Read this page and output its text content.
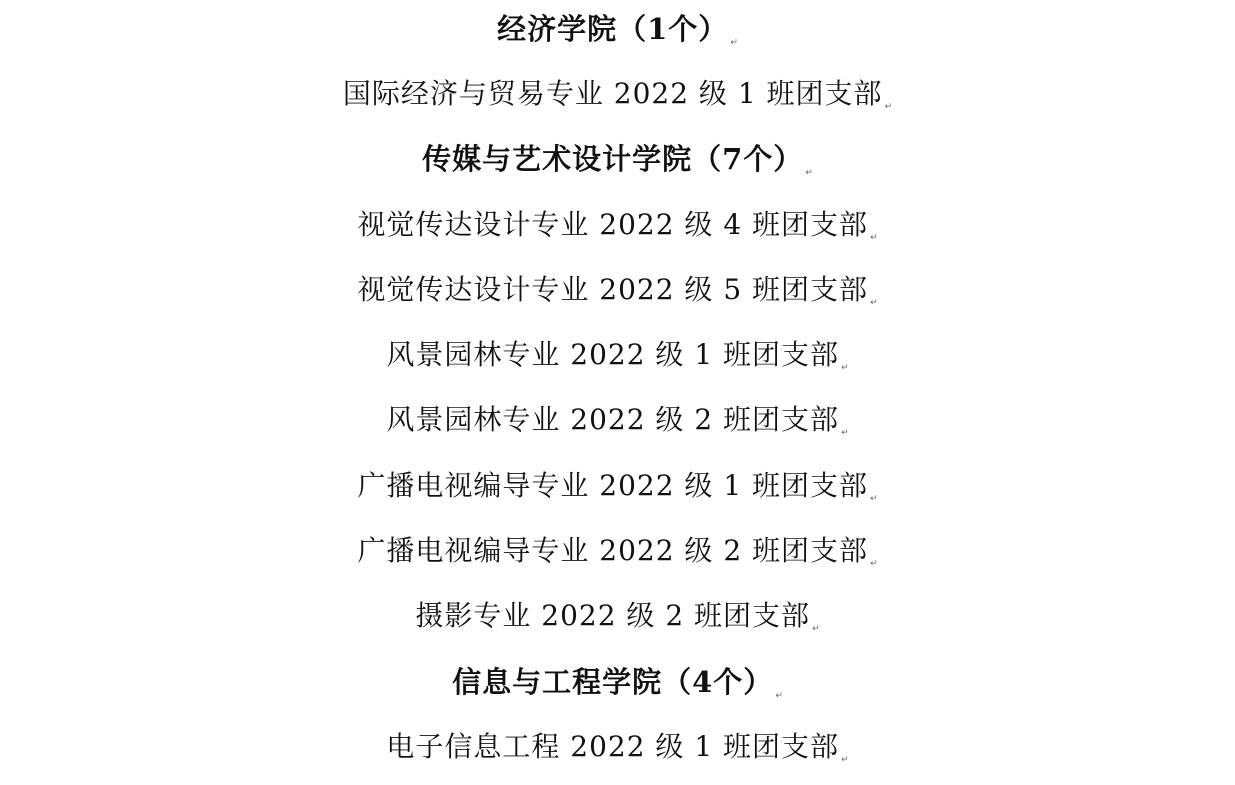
经济学院（1个） ↵
国际经济与贸易专业 2022 级 1 班团支部 ↵
传媒与艺术设计学院（7个） ↵
视觉传达设计专业 2022 级 4 班团支部 ↵
视觉传达设计专业 2022 级 5 班团支部 ↵
风景园林专业 2022 级 1 班团支部 ↵
风景园林专业 2022 级 2 班团支部 ↵
广播电视编导专业 2022 级 1 班团支部 ↵
广播电视编导专业 2022 级 2 班团支部 ↵
摄影专业 2022 级 2 班团支部 ↵
信息与工程学院（4个） ↵
电子信息工程 2022 级 1 班团支部 ↵
